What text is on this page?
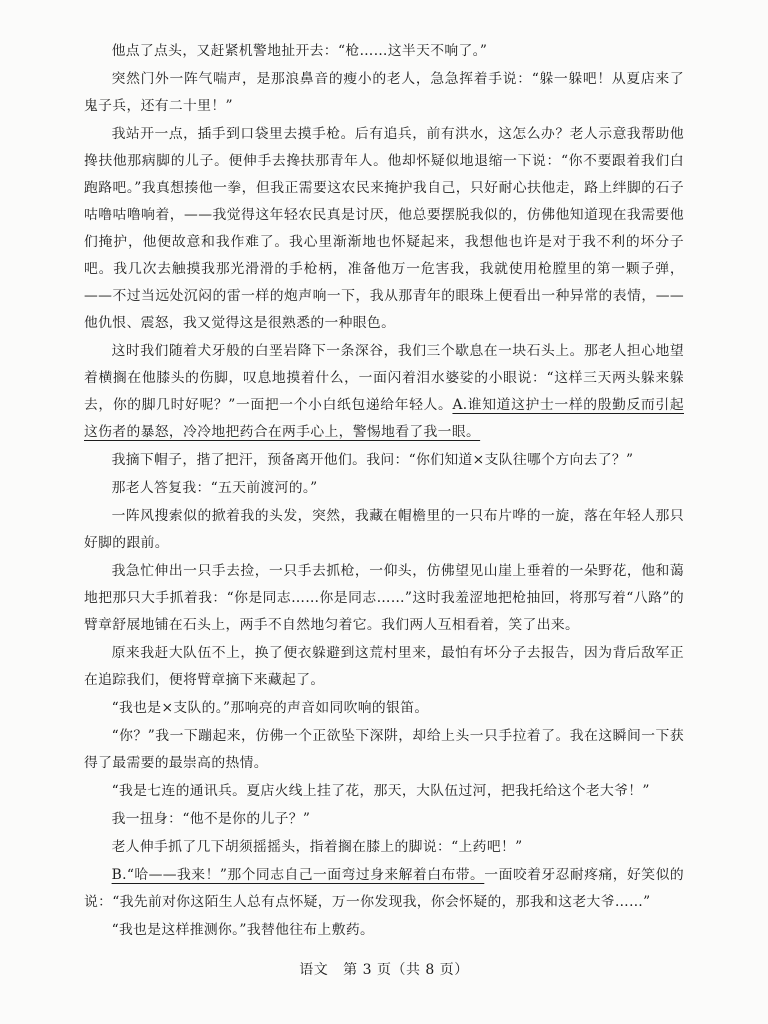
他点了点头，又赶紧机警地扯开去：“枪……这半天不响了。”

突然门外一阵气喘声，是那浪鼻音的瘦小的老人，急急挥着手说：“躲一躲吧！从夏店来了鬼子兵，还有二十里！”

我站开一点，插手到口袋里去摸手枪。后有追兵，前有洪水，这怎么办？老人示意我帮助他搀扶他那病脚的儿子。便伸手去搀扶那青年人。他却怀疑似地退缩一下说：“你不要跟着我们白跑路吧。”我真想揍他一拳，但我正需要这农民来掩护我自己，只好耐心扶他走，路上绊脚的石子咕噜咕噜响着，——我觉得这年轻农民真是讨厌，他总要摆脱我似的，仿佛他知道现在我需要他们掩护，他便故意和我作难了。我心里渐渐地也怀疑起来，我想他也许是对于我不利的坏分子吧。我几次去触摸我那光滑滑的手枪柄，准备他万一危害我，我就使用枪膛里的第一颗子弹，——不过当远处沉闷的雷一样的炮声响一下，我从那青年的眼珠上便看出一种异常的表情，——他仇恨、震怒，我又觉得这是很熟悉的一种眼色。

这时我们随着犬牙般的白垩岩降下一条深谷，我们三个歇息在一块石头上。那老人担心地望着横搁在他膝头的伤脚，叹息地摸着什么，一面闪着泪水婆娑的小眼说：“这样三天两头躲来躲去，你的脚几时好呢？”一面把一个小白纸包递给年轻人。A.谁知道这护士一样的殷勤反而引起这伤者的暴怒，冷冷地把药合在两手心上，警惕地看了我一眼。

我摘下帽子，揩了把汗，预备离开他们。我问：“你们知道×支队往哪个方向去了？”

那老人答复我：“五天前渡河的。”

一阵风搜索似的掀着我的头发，突然，我藏在帽檐里的一只布片哗的一旋，落在年轻人那只好脚的跟前。

我急忙伸出一只手去捡，一只手去抓枪，一仰头，仿佛望见山崖上垂着的一朵野花，他和蔼地把那只大手抓着我：“你是同志……你是同志……”这时我羞涩地把枪抽回，将那写着“八路”的臂章舒展地铺在石头上，两手不自然地匀着它。我们两人互相看着，笑了出来。

原来我赶大队伍不上，换了便衣躲避到这荒村里来，最怕有坏分子去报告，因为背后敌军正在追踪我们，便将臂章摘下来藏起了。

“我也是×支队的。”那响亮的声音如同吹响的银笛。

“你？”我一下蹦起来，仿佛一个正欲坠下深阱，却给上头一只手拉着了。我在这瞬间一下获得了最需要的最崇高的热情。

“我是七连的通讯兵。夏店火线上挂了花，那天，大队伍过河，把我托给这个老大爷！”

我一扭身：“他不是你的儿子？”

老人伸手抓了几下胡须摇摇头，指着搁在膝上的脚说：“上药吧！”

B.“哈——我来！”那个同志自己一面弯过身来解着白布带。一面咬着牙忍耐疼痛，好笑似的说：“我先前对你这陌生人总有点怀疑，万一你发现我，你会怀疑的，那我和这老大爷……”

“我也是这样推测你。”我替他往布上敷药。

语文 第 3 页（共 8 页）
